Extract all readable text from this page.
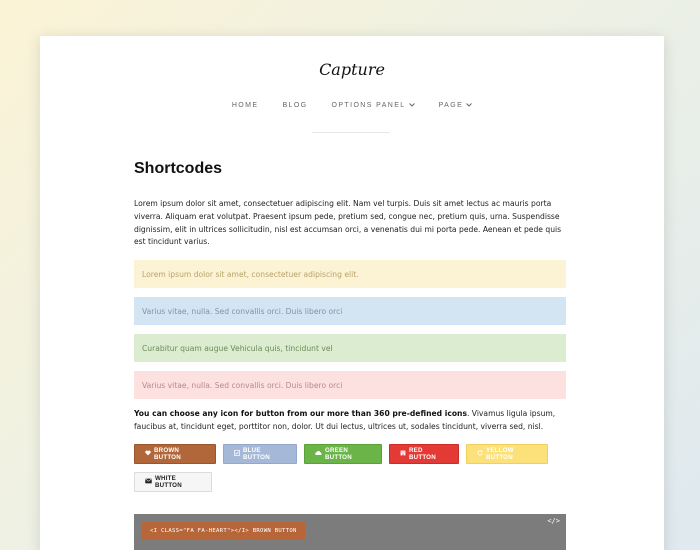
Capture
HOME	BLOG	OPTIONS PANEL	PAGE
Shortcodes

Lorem ipsum dolor sit amet, consectetuer adipiscing elit. Nam vel turpis. Duis sit amet lectus ac mauris porta viverra. Aliquam erat volutpat. Praesent ipsum pede, pretium sed, congue nec, pretium quis, urna. Suspendisse dignissim, elit in ultrices sollicitudin, nisl est accumsan orci, a venenatis dui mi porta pede. Aenean et pede quis est tincidunt varius.

Lorem ipsum dolor sit amet, consectetuer adipiscing elit.
Varius vitae, nulla. Sed convallis orci. Duis libero orci
Curabitur quam augue Vehicula quis, tincidunt vel
Varius vitae, nulla. Sed convallis orci. Duis libero orci

You can choose any icon for button from our more than 360 pre-defined icons. Vivamus ligula ipsum, faucibus at, tincidunt eget, porttitor non, dolor. Ut dui lectus, ultrices ut, sodales tincidunt, viverra sed, nisl.

BROWN BUTTON
BLUE BUTTON
GREEN BUTTON
RED BUTTON
YELLOW BUTTON
WHITE BUTTON
</>
<I CLASS="FA FA-HEART"></I> BROWN BUTTON
